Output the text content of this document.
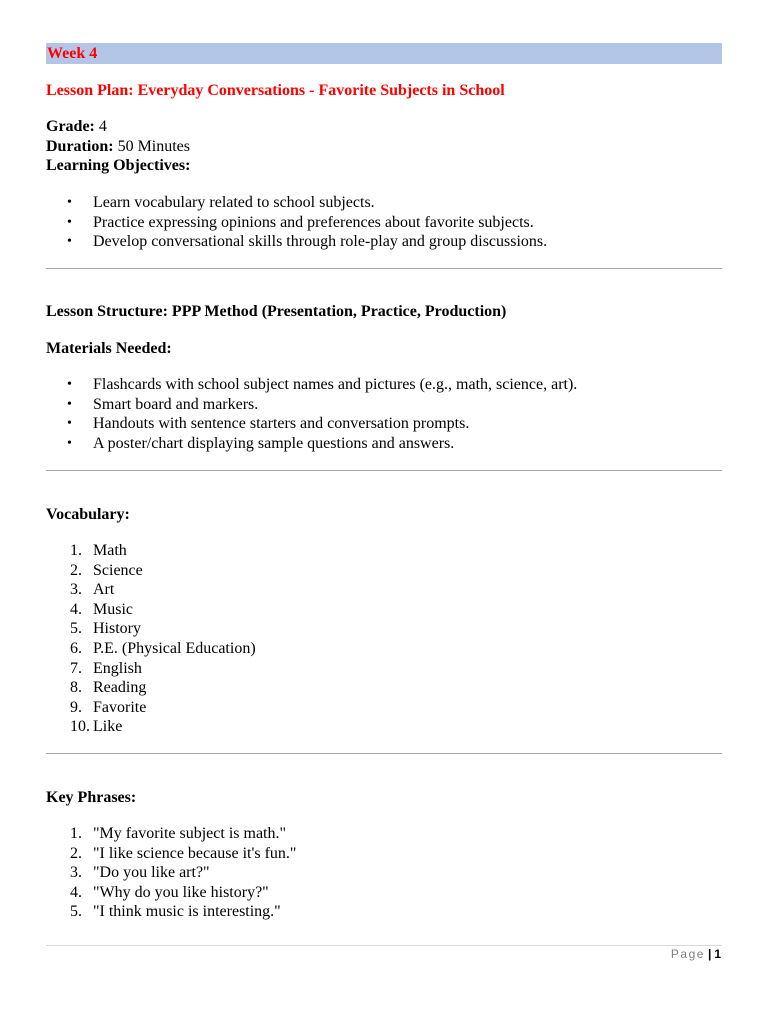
Week 4
Lesson Plan: Everyday Conversations - Favorite Subjects in School
Grade: 4
Duration: 50 Minutes
Learning Objectives:
• Learn vocabulary related to school subjects.
• Practice expressing opinions and preferences about favorite subjects.
• Develop conversational skills through role-play and group discussions.
Lesson Structure: PPP Method (Presentation, Practice, Production)
Materials Needed:
• Flashcards with school subject names and pictures (e.g., math, science, art).
• Smart board and markers.
• Handouts with sentence starters and conversation prompts.
• A poster/chart displaying sample questions and answers.
Vocabulary:
1. Math
2. Science
3. Art
4. Music
5. History
6. P.E. (Physical Education)
7. English
8. Reading
9. Favorite
10. Like
Key Phrases:
1. "My favorite subject is math."
2. "I like science because it's fun."
3. "Do you like art?"
4. "Why do you like history?"
5. "I think music is interesting."
Page | 1
